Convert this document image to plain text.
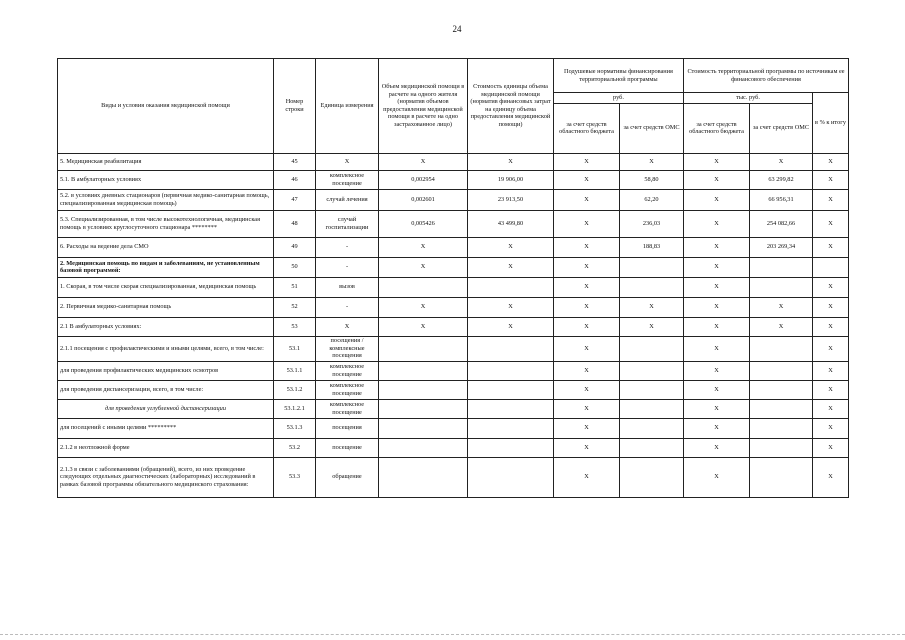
24
Виды и условия оказания медицинской помощи	Номер строки	Единица измерения	Объем медицинской помощи в расчете на одного жителя (норматив объемов предоставления медицинской помощи в расчете на одно застрахованное лицо)	Стоимость единицы объема медицинской помощи (норматив финансовых затрат на единицу объема предоставления медицинской помощи)	Подушевые нормативы финансирования территориальной программы		Стоимость территориальной программы по источникам ее финансового обеспечения		
					руб.		тыс. руб.		в % к итогу
					за счет средств областного бюджета	за счет средств ОМС	за счет средств областного бюджета	за счет средств ОМС	
5. Медицинская реабилитация	45	X	X	X	X	X	X	X	X
5.1. В амбулаторных условиях	46	комплексное посещение	0,002954	19 906,00	X	58,80	X	63 299,82	X
5.2. в условиях дневных стационаров (первичная медико-санитарная помощь, специализированная медицинская помощь)	47	случай лечения	0,002601	23 913,50	X	62,20	X	66 956,31	X
5.3. Специализированная, в том числе высокотехнологичная, медицинская помощь в условиях круглосуточного стационара ********	48	случай госпитализации	0,005426	43 499,80	X	236,03	X	254 082,66	X
6. Расходы на ведение дела СМО	49	-	X	X	X	188,83	X	203 269,34	X
2. Медицинская помощь по видам и заболеваниям, не установленным базовой программой:	50	-	X	X	X		X		
1. Скорая, в том числе скорая специализированная, медицинская помощь	51	вызов			X		X		X
2. Первичная медико-санитарная помощь	52	-	X	X	X	X	X	X	X
2.1 В амбулаторных условиях:	53	X	X	X	X	X	X	X	X
2.1.1 посещения с профилактическими и иными целями, всего, в том числе:	53.1	посещения / комплексные посещения			X		X		X
для проведения профилактических медицинских осмотров	53.1.1	комплексное посещение			X		X		X
для проведения диспансеризации, всего, в том числе:	53.1.2	комплексное посещение			X		X		X
для проведения углубленной диспансеризации	53.1.2.1	комплексное посещение			X		X		X
для посещений с иными целями *********	53.1.3	посещения			X		X		X
2.1.2 в неотложной форме	53.2	посещение			X		X		X
2.1.3 в связи с заболеваниями (обращений), всего, из них проведение следующих отдельных диагностических (лабораторных) исследований в рамках базовой программы обязательного медицинского страхования:	53.3	обращение			X		X		X
